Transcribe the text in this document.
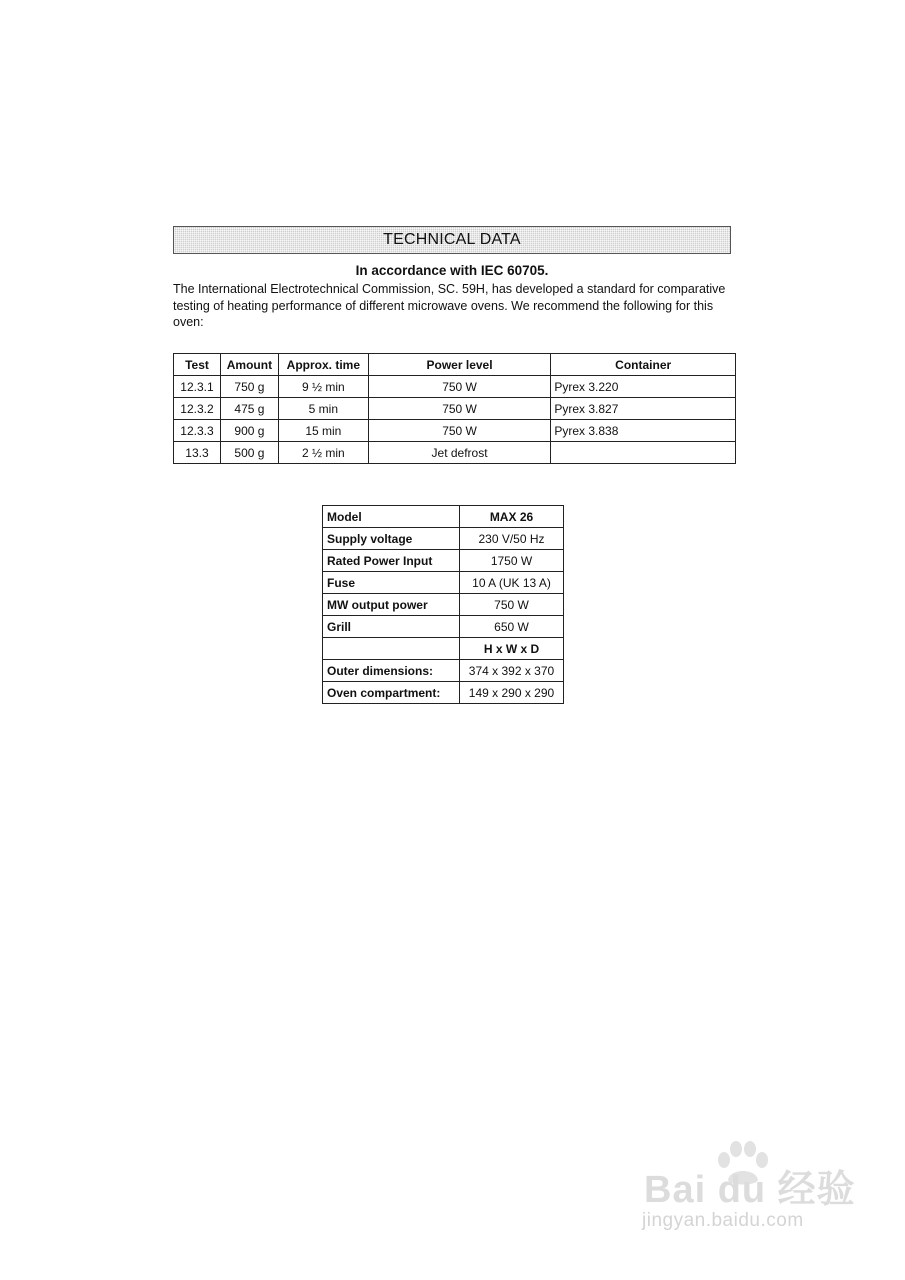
TECHNICAL DATA
In accordance with IEC 60705.
The International Electrotechnical Commission, SC. 59H, has developed a standard for comparative testing of heating performance of different microwave ovens. We recommend the following for this oven:
Test	Amount	Approx. time	Power level	Container
12.3.1	750 g	9 ½ min	750 W	Pyrex 3.220
12.3.2	475 g	5 min	750 W	Pyrex 3.827
12.3.3	900 g	15 min	750 W	Pyrex 3.838
13.3	500 g	2 ½ min	Jet defrost	
Model	MAX 26
Supply voltage	230 V/50 Hz
Rated Power Input	1750 W
Fuse	10 A (UK 13 A)
MW output power	750 W
Grill	650 W
	H x W x D
Outer dimensions:	374 x 392 x 370
Oven compartment:	149 x 290 x 290
Bai du 经验
jingyan.baidu.com
